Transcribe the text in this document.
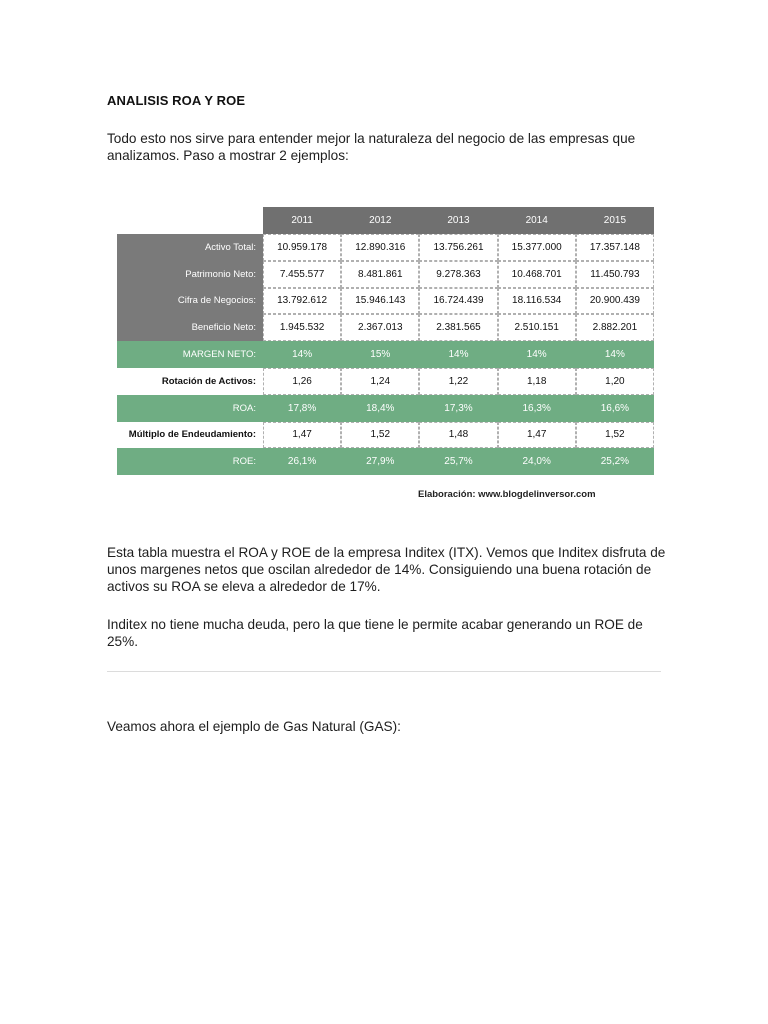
ANALISIS ROA Y ROE
Todo esto nos sirve para entender mejor la naturaleza del negocio de las empresas que analizamos. Paso a mostrar 2 ejemplos:
2011	2012	2013	2014	2015
Activo Total:	10.959.178	12.890.316	13.756.261	15.377.000	17.357.148
Patrimonio Neto:	7.455.577	8.481.861	9.278.363	10.468.701	11.450.793
Cifra de Negocios:	13.792.612	15.946.143	16.724.439	18.116.534	20.900.439
Beneficio Neto:	1.945.532	2.367.013	2.381.565	2.510.151	2.882.201
MARGEN NETO:	14%	15%	14%	14%	14%
Rotación de Activos:	1,26	1,24	1,22	1,18	1,20
ROA:	17,8%	18,4%	17,3%	16,3%	16,6%
Múltiplo de Endeudamiento:	1,47	1,52	1,48	1,47	1,52
ROE:	26,1%	27,9%	25,7%	24,0%	25,2%
Elaboración: www.blogdelinversor.com
Esta tabla muestra el ROA y ROE de la empresa Inditex (ITX). Vemos que Inditex disfruta de unos margenes netos que oscilan alrededor de 14%. Consiguiendo una buena rotación de activos su ROA se eleva a alrededor de 17%.
Inditex no tiene mucha deuda, pero la que tiene le permite acabar generando un ROE de 25%.
Veamos ahora el ejemplo de Gas Natural (GAS):
